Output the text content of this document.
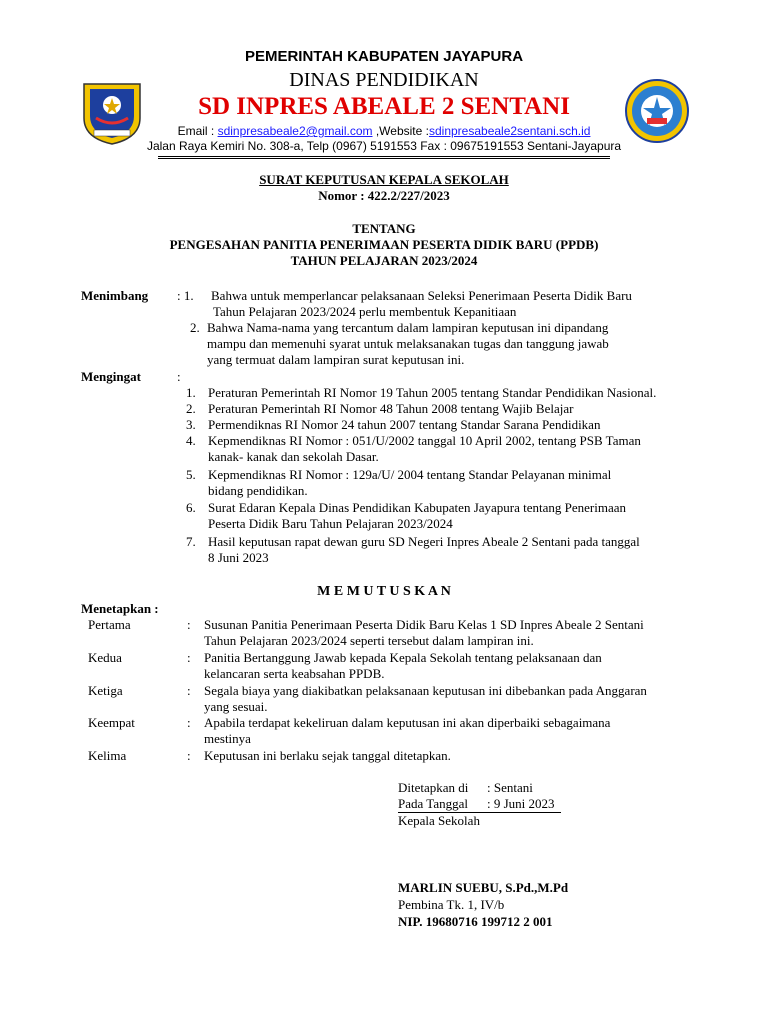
PEMERINTAH KABUPATEN JAYAPURA
DINAS PENDIDIKAN
SD INPRES ABEALE 2 SENTANI
Email : sdinpresabeale2@gmail.com ,Website :sdinpresabeale2sentani.sch.id
Jalan Raya Kemiri No. 308-a, Telp (0967) 5191553 Fax : 09675191553 Sentani-Jayapura
SURAT KEPUTUSAN KEPALA SEKOLAH
Nomor : 422.2/227/2023
TENTANG
PENGESAHAN PANITIA PENERIMAAN PESERTA DIDIK BARU (PPDB)
TAHUN PELAJARAN 2023/2024
Menimbang : 1. Bahwa untuk memperlancar pelaksanaan Seleksi Penerimaan Peserta Didik Baru
Tahun Pelajaran 2023/2024 perlu membentuk Kepanitiaan
2. Bahwa Nama-nama yang tercantum dalam lampiran keputusan ini dipandang
mampu dan memenuhi syarat untuk melaksanakan tugas dan tanggung jawab
yang termuat dalam lampiran surat keputusan ini.
Mengingat	:
1. Peraturan Pemerintah RI Nomor 19 Tahun 2005 tentang Standar Pendidikan Nasional.
2. Peraturan Pemerintah RI Nomor 48 Tahun 2008 tentang Wajib Belajar
3. Permendiknas RI Nomor 24 tahun 2007 tentang Standar Sarana Pendidikan
4. Kepmendiknas RI Nomor : 051/U/2002 tanggal 10 April 2002, tentang PSB Taman
kanak- kanak dan sekolah Dasar.
5. Kepmendiknas RI Nomor : 129a/U/ 2004 tentang Standar Pelayanan minimal
bidang pendidikan.
6. Surat Edaran Kepala Dinas Pendidikan Kabupaten Jayapura tentang Penerimaan
Peserta Didik Baru Tahun Pelajaran 2023/2024
7. Hasil keputusan rapat dewan guru SD Negeri Inpres Abeale 2 Sentani pada tanggal
8 Juni 2023
M E M U T U S K A N
Menetapkan :
Pertama	: Susunan Panitia Penerimaan Peserta Didik Baru Kelas 1 SD Inpres Abeale 2 Sentani
Tahun Pelajaran 2023/2024 seperti tersebut dalam lampiran ini.
Kedua	: Panitia Bertanggung Jawab kepada Kepala Sekolah tentang pelaksanaan dan
kelancaran serta keabsahan PPDB.
Ketiga	: Segala biaya yang diakibatkan pelaksanaan keputusan ini dibebankan pada Anggaran
yang sesuai.
Keempat	: Apabila terdapat kekeliruan dalam keputusan ini akan diperbaiki sebagaimana
mestinya
Kelima	: Keputusan ini berlaku sejak tanggal ditetapkan.
Ditetapkan di : Sentani
Pada Tanggal : 9 Juni 2023
Kepala Sekolah
MARLIN SUEBU, S.Pd.,M.Pd
Pembina Tk. 1, IV/b
NIP. 19680716 199712 2 001
